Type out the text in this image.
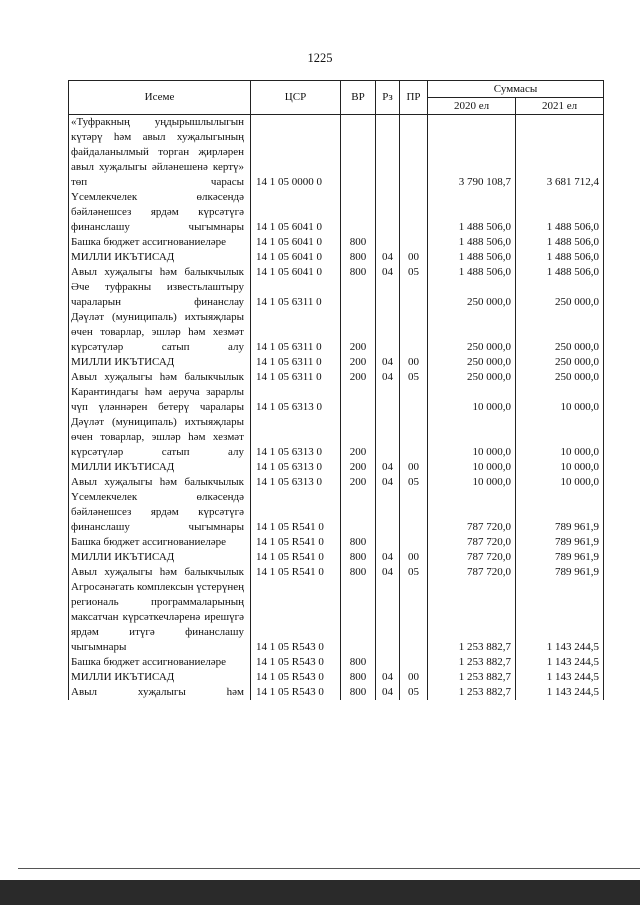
1225
Исеме	ЦСР	ВР	Рз	ПР	Суммасы	
					2020 ел	2021 ел
«Туфракның уңдырышлылыгын күтәрү һәм авыл хуҗалыгының файдаланылмый торган җирләрен авыл хуҗалыгы әйләнешенә кертү» төп чарасы	14 1 05 0000 0				3 790 108,7	3 681 712,4
Үсемлекчелек өлкәсендә бәйләнешсез ярдәм күрсәтүгә финанслашу чыгымнары	14 1 05 6041 0				1 488 506,0	1 488 506,0
Башка бюджет ассигнованиеләре	14 1 05 6041 0	800			1 488 506,0	1 488 506,0
МИЛЛИ ИКЪТИСАД	14 1 05 6041 0	800	04	00	1 488 506,0	1 488 506,0
Авыл хуҗалыгы һәм балыкчылык	14 1 05 6041 0	800	04	05	1 488 506,0	1 488 506,0
Әче туфракны известьлаштыру чараларын финанслау	14 1 05 6311 0				250 000,0	250 000,0
Дәүләт (муниципаль) ихтыяҗлары өчен товарлар, эшләр һәм хезмәт күрсәтүләр сатып алу	14 1 05 6311 0	200			250 000,0	250 000,0
МИЛЛИ ИКЪТИСАД	14 1 05 6311 0	200	04	00	250 000,0	250 000,0
Авыл хуҗалыгы һәм балыкчылык	14 1 05 6311 0	200	04	05	250 000,0	250 000,0
Карантиндагы һәм аеруча зарарлы чүп үләннәрен бетерү чаралары	14 1 05 6313 0				10 000,0	10 000,0
Дәүләт (муниципаль) ихтыяҗлары өчен товарлар, эшләр һәм хезмәт күрсәтүләр сатып алу	14 1 05 6313 0	200			10 000,0	10 000,0
МИЛЛИ ИКЪТИСАД	14 1 05 6313 0	200	04	00	10 000,0	10 000,0
Авыл хуҗалыгы һәм балыкчылык	14 1 05 6313 0	200	04	05	10 000,0	10 000,0
Үсемлекчелек өлкәсендә бәйләнешсез ярдәм күрсәтүгә финанслашу чыгымнары	14 1 05 R541 0				787 720,0	789 961,9
Башка бюджет ассигнованиеләре	14 1 05 R541 0	800			787 720,0	789 961,9
МИЛЛИ ИКЪТИСАД	14 1 05 R541 0	800	04	00	787 720,0	789 961,9
Авыл хуҗалыгы һәм балыкчылык	14 1 05 R541 0	800	04	05	787 720,0	789 961,9
Агросәнәгать комплексын үстерүнең региональ программаларының максатчан күрсәткечләренә ирешүгә ярдәм итүгә финанслашу чыгымнары	14 1 05 R543 0				1 253 882,7	1 143 244,5
Башка бюджет ассигнованиеләре	14 1 05 R543 0	800			1 253 882,7	1 143 244,5
МИЛЛИ ИКЪТИСАД	14 1 05 R543 0	800	04	00	1 253 882,7	1 143 244,5
Авыл хуҗалыгы һәм	14 1 05 R543 0	800	04	05	1 253 882,7	1 143 244,5
